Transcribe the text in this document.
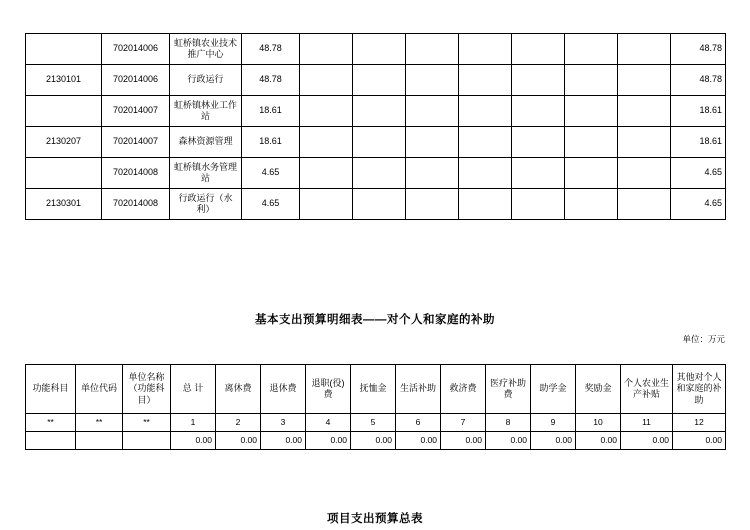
	702014006	虹桥镇农业技术推广中心	48.78								48.78
2130101	702014006	行政运行	48.78								48.78
	702014007	虹桥镇林业工作站	18.61								18.61
2130207	702014007	森林资源管理	18.61								18.61
	702014008	虹桥镇水务管理站	4.65								4.65
2130301	702014008	行政运行（水利）	4.65								4.65
基本支出预算明细表——对个人和家庭的补助
单位：万元
功能科目	单位代码	单位名称（功能科目）	总 计	离休费	退休费	退职(役)费	抚恤金	生活补助	救济费	医疗补助费	助学金	奖励金	个人农业生产补贴	其他对个人和家庭的补助
**	**	**	1	2	3	4	5	6	7	8	9	10	11	12
			0.00	0.00	0.00	0.00	0.00	0.00	0.00	0.00	0.00	0.00	0.00	0.00
项目支出预算总表
